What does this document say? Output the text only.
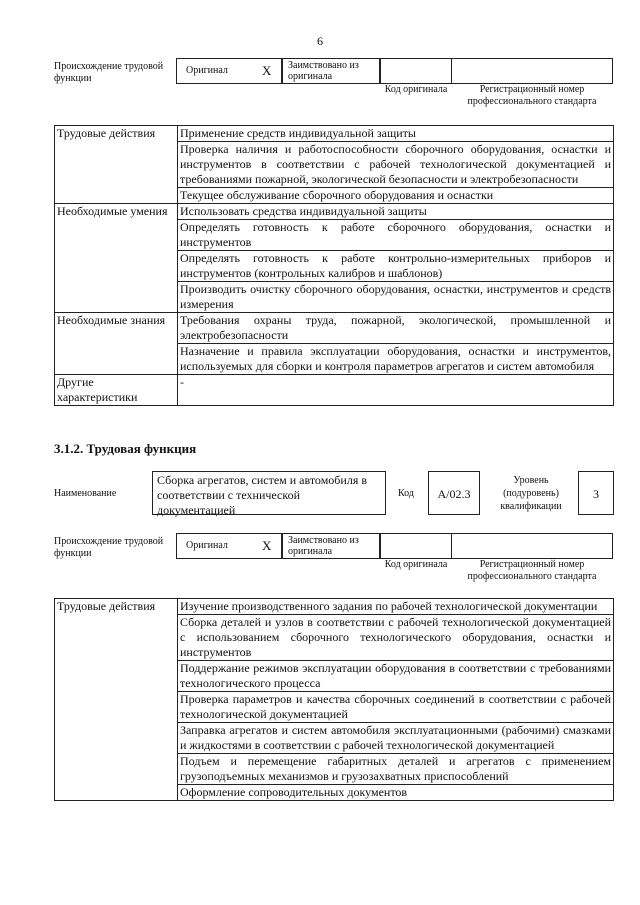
6
Происхождение трудовой функции
Оригинал	X Заимствовано из оригинала
Код оригинала	Регистрационный номер профессионального стандарта
Трудовые действия	Применение средств индивидуальной защиты
	Проверка наличия и работоспособности сборочного оборудования, оснастки и инструментов в соответствии с рабочей технологической документацией и требованиями пожарной, экологической безопасности и электробезопасности
	Текущее обслуживание сборочного оборудования и оснастки
Необходимые умения	Использовать средства индивидуальной защиты
	Определять готовность к работе сборочного оборудования, оснастки и инструментов
	Определять готовность к работе контрольно-измерительных приборов и инструментов (контрольных калибров и шаблонов)
	Производить очистку сборочного оборудования, оснастки, инструментов и средств измерения
Необходимые знания	Требования охраны труда, пожарной, экологической, промышленной и электробезопасности
	Назначение и правила эксплуатации оборудования, оснастки и инструментов, используемых для сборки и контроля параметров агрегатов и систем автомобиля
Другие характеристики	-
3.1.2. Трудовая функция
Наименование
Сборка агрегатов, систем и автомобиля в соответствии с технической документацией
Код	A/02.3
Уровень (подуровень) квалификации
3
Происхождение трудовой функции
Оригинал	X Заимствовано из оригинала
Код оригинала	Регистрационный номер профессионального стандарта
Трудовые действия	Изучение производственного задания по рабочей технологической документации
Сборка деталей и узлов в соответствии с рабочей технологической документацией с использованием сборочного технологического оборудования, оснастки и инструментов
Поддержание режимов эксплуатации оборудования в соответствии с требованиями технологического процесса
Проверка параметров и качества сборочных соединений в соответствии с рабочей технологической документацией
Заправка агрегатов и систем автомобиля эксплуатационными (рабочими) смазками и жидкостями в соответствии с рабочей технологической документацией
Подъем и перемещение габаритных деталей и агрегатов с применением грузоподъемных механизмов и грузозахватных приспособлений
Оформление сопроводительных документов
